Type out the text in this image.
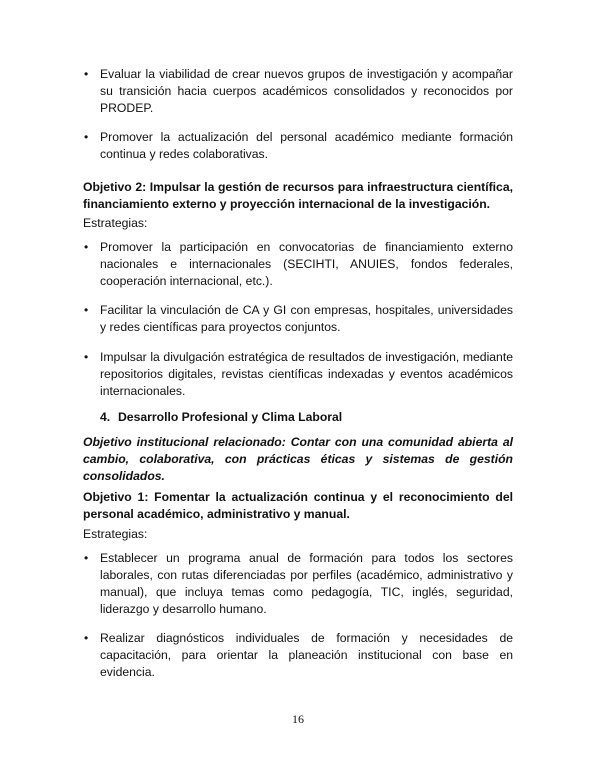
• Evaluar la viabilidad de crear nuevos grupos de investigación y acompañar su transición hacia cuerpos académicos consolidados y reconocidos por PRODEP.
• Promover la actualización del personal académico mediante formación continua y redes colaborativas.
Objetivo 2: Impulsar la gestión de recursos para infraestructura científica, financiamiento externo y proyección internacional de la investigación.
Estrategias:
• Promover la participación en convocatorias de financiamiento externo nacionales e internacionales (SECIHTI, ANUIES, fondos federales, cooperación internacional, etc.).
• Facilitar la vinculación de CA y GI con empresas, hospitales, universidades y redes científicas para proyectos conjuntos.
• Impulsar la divulgación estratégica de resultados de investigación, mediante repositorios digitales, revistas científicas indexadas y eventos académicos internacionales.
4. Desarrollo Profesional y Clima Laboral
Objetivo institucional relacionado: Contar con una comunidad abierta al cambio, colaborativa, con prácticas éticas y sistemas de gestión consolidados.
Objetivo 1: Fomentar la actualización continua y el reconocimiento del personal académico, administrativo y manual.
Estrategias:
• Establecer un programa anual de formación para todos los sectores laborales, con rutas diferenciadas por perfiles (académico, administrativo y manual), que incluya temas como pedagogía, TIC, inglés, seguridad, liderazgo y desarrollo humano.
• Realizar diagnósticos individuales de formación y necesidades de capacitación, para orientar la planeación institucional con base en evidencia.
16
